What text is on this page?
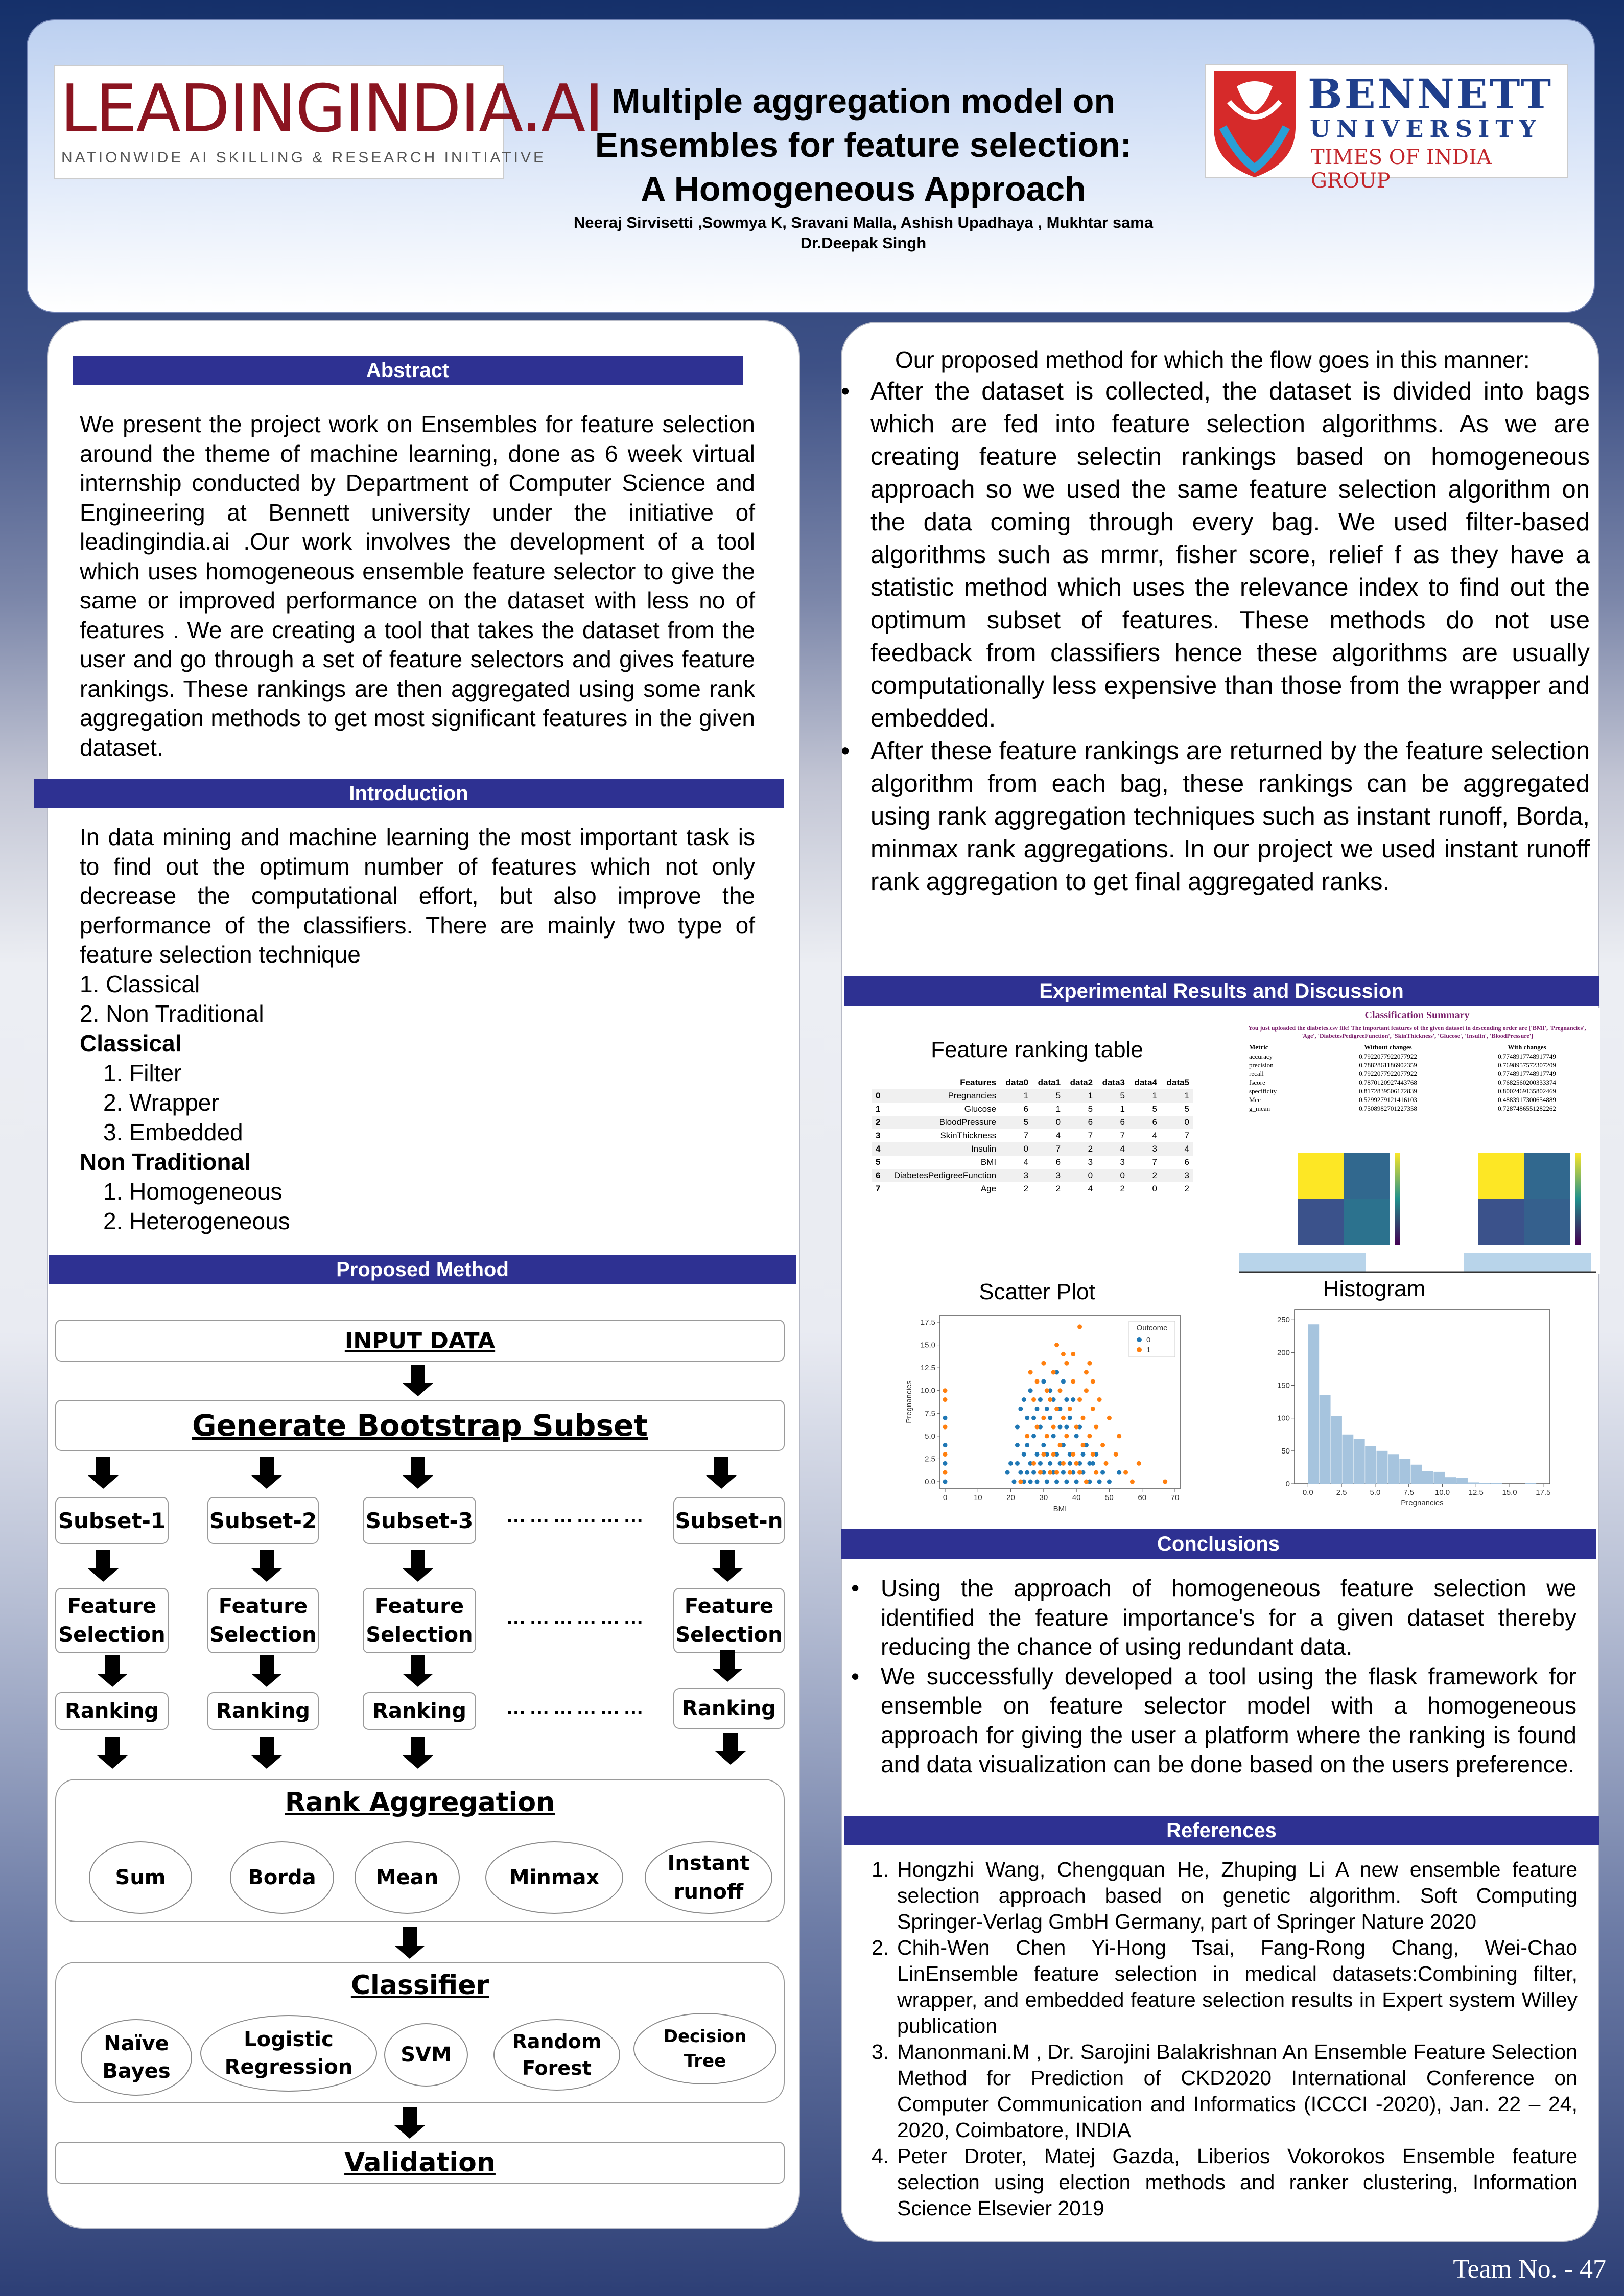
LEADINGINDIA.AI
NATIONWIDE AI SKILLING & RESEARCH INITIATIVE
Multiple aggregation model on
Ensembles for feature selection:
A Homogeneous Approach
Neeraj Sirvisetti ,Sowmya K, Sravani Malla, Ashish Upadhaya , Mukhtar sama
Dr.Deepak Singh
BENNETT
UNIVERSITY
TIMES OF INDIA GROUP
Abstract
We present the project work on Ensembles for feature selection around the theme of machine learning, done as 6 week virtual internship conducted by Department of Computer Science and Engineering at Bennett university under the initiative of leadingindia.ai .Our work involves the development of a tool which uses homogeneous ensemble feature selector to give the same or improved performance on the dataset with less no of features . We are creating a tool that takes the dataset from the user and go through a set of feature selectors and gives feature rankings. These rankings are then aggregated using some rank aggregation methods to get most significant features in the given dataset.
Introduction
In data mining and machine learning the most important task is to find out the optimum number of features which not only decrease the computational effort, but also improve the performance of the classifiers. There are mainly two type of feature selection technique
1. Classical
2. Non Traditional
Classical
1. Filter
2. Wrapper
3. Embedded
Non Traditional
1. Homogeneous
2. Heterogeneous
Proposed Method
INPUT DATA
Generate Bootstrap Subset
Subset-1 Subset-2 Subset-3 ……………… Subset-n
Feature Selection
Feature Selection
Feature Selection
………………	Feature Selection
Ranking	Ranking	Ranking ……………… Ranking
Rank Aggregation
Sum	Borda	Mean	Minmax
Instant runoff
Classifier
Naïve Bayes
Logistic Regression
SVM
Random Forest
Decision Tree
Validation
Our proposed method for which the flow goes in this manner:
• After the dataset is collected, the dataset is divided into bags which are fed into feature selection algorithms. As we are creating feature selectin rankings based on homogeneous approach so we used the same feature selection algorithm on the data coming through every bag. We used filter-based algorithms such as mrmr, fisher score, relief f as they have a statistic method which uses the relevance index to find out the optimum subset of features. These methods do not use feedback from classifiers hence these algorithms are usually computationally less expensive than those from the wrapper and embedded.
• After these feature rankings are returned by the feature selection algorithm from each bag, these rankings can be aggregated using rank aggregation techniques such as instant runoff, Borda, minmax rank aggregations. In our project we used instant runoff rank aggregation to get final aggregated ranks.
Experimental Results and Discussion
Feature ranking table
	Features	data0	data1	data2	data3	data4	data5
0	Pregnancies	1	5	1	5	1	1
1	Glucose	6	1	5	1	5	5
2	BloodPressure	5	0	6	6	6	0
3	SkinThickness	7	4	7	7	4	7
4	Insulin	0	7	2	4	3	4
5	BMI	4	6	3	3	7	6
6	DiabetesPedigreeFunction	3	3	0	0	2	3
7	Age	2	2	4	2	0	2
Classification Summary
You just uploaded the diabetes.csv file! The important features of the given dataset in descending order are ['BMI', 'Pregnancies', 'Age', 'DiabetesPedigreeFunction', 'SkinThickness', 'Glucose', 'Insulin', 'BloodPressure']
Metric	Without changes	With changes
accuracy	0.7922077922077922	0.7748917748917749
precision	0.7882861186902359	0.7698957572307209
recall	0.7922077922077922	0.7748917748917749
fscore	0.7870120927443768	0.7682560200333374
specificity	0.8172839506172839	0.8002469135802469
Mcc	0.5299279121416103	0.4883917300654889
g_mean	0.7508982701227358	0.7287486551282262
Scatter Plot
0	10	20	30	40	50	60	70
0.0
2.5
5.0
7.5
10.0
12.5
15.0
17.5
BMI
Pregnancies
Outcome
0
1
Histogram
0.0	2.5	5.0	7.5	10.0 12.5 15.0 17.5
0
50
100
150
200
250
Pregnancies
Conclusions
• Using the approach of homogeneous feature selection we identified the feature importance's for a given dataset thereby reducing the chance of using redundant data.
• We successfully developed a tool using the flask framework for ensemble on feature selector model with a homogeneous approach for giving the user a platform where the ranking is found and data visualization can be done based on the users preference.
References
1. Hongzhi Wang, Chengquan He, Zhuping Li A new ensemble feature selection approach based on genetic algorithm. Soft Computing Springer-Verlag GmbH Germany, part of Springer Nature 2020
2. Chih-Wen Chen Yi-Hong Tsai, Fang-Rong Chang, Wei-Chao LinEnsemble feature selection in medical datasets:Combining filter, wrapper, and embedded feature selection results in Expert system Willey publication
3. Manonmani.M , Dr. Sarojini Balakrishnan An Ensemble Feature Selection Method for Prediction of CKD2020 International Conference on Computer Communication and Informatics (ICCCI -2020), Jan. 22 – 24, 2020, Coimbatore, INDIA
4. Peter Droter, Matej Gazda, Liberios Vokorokos Ensemble feature selection using election methods and ranker clustering, Information Science Elsevier 2019
Team No. - 47
